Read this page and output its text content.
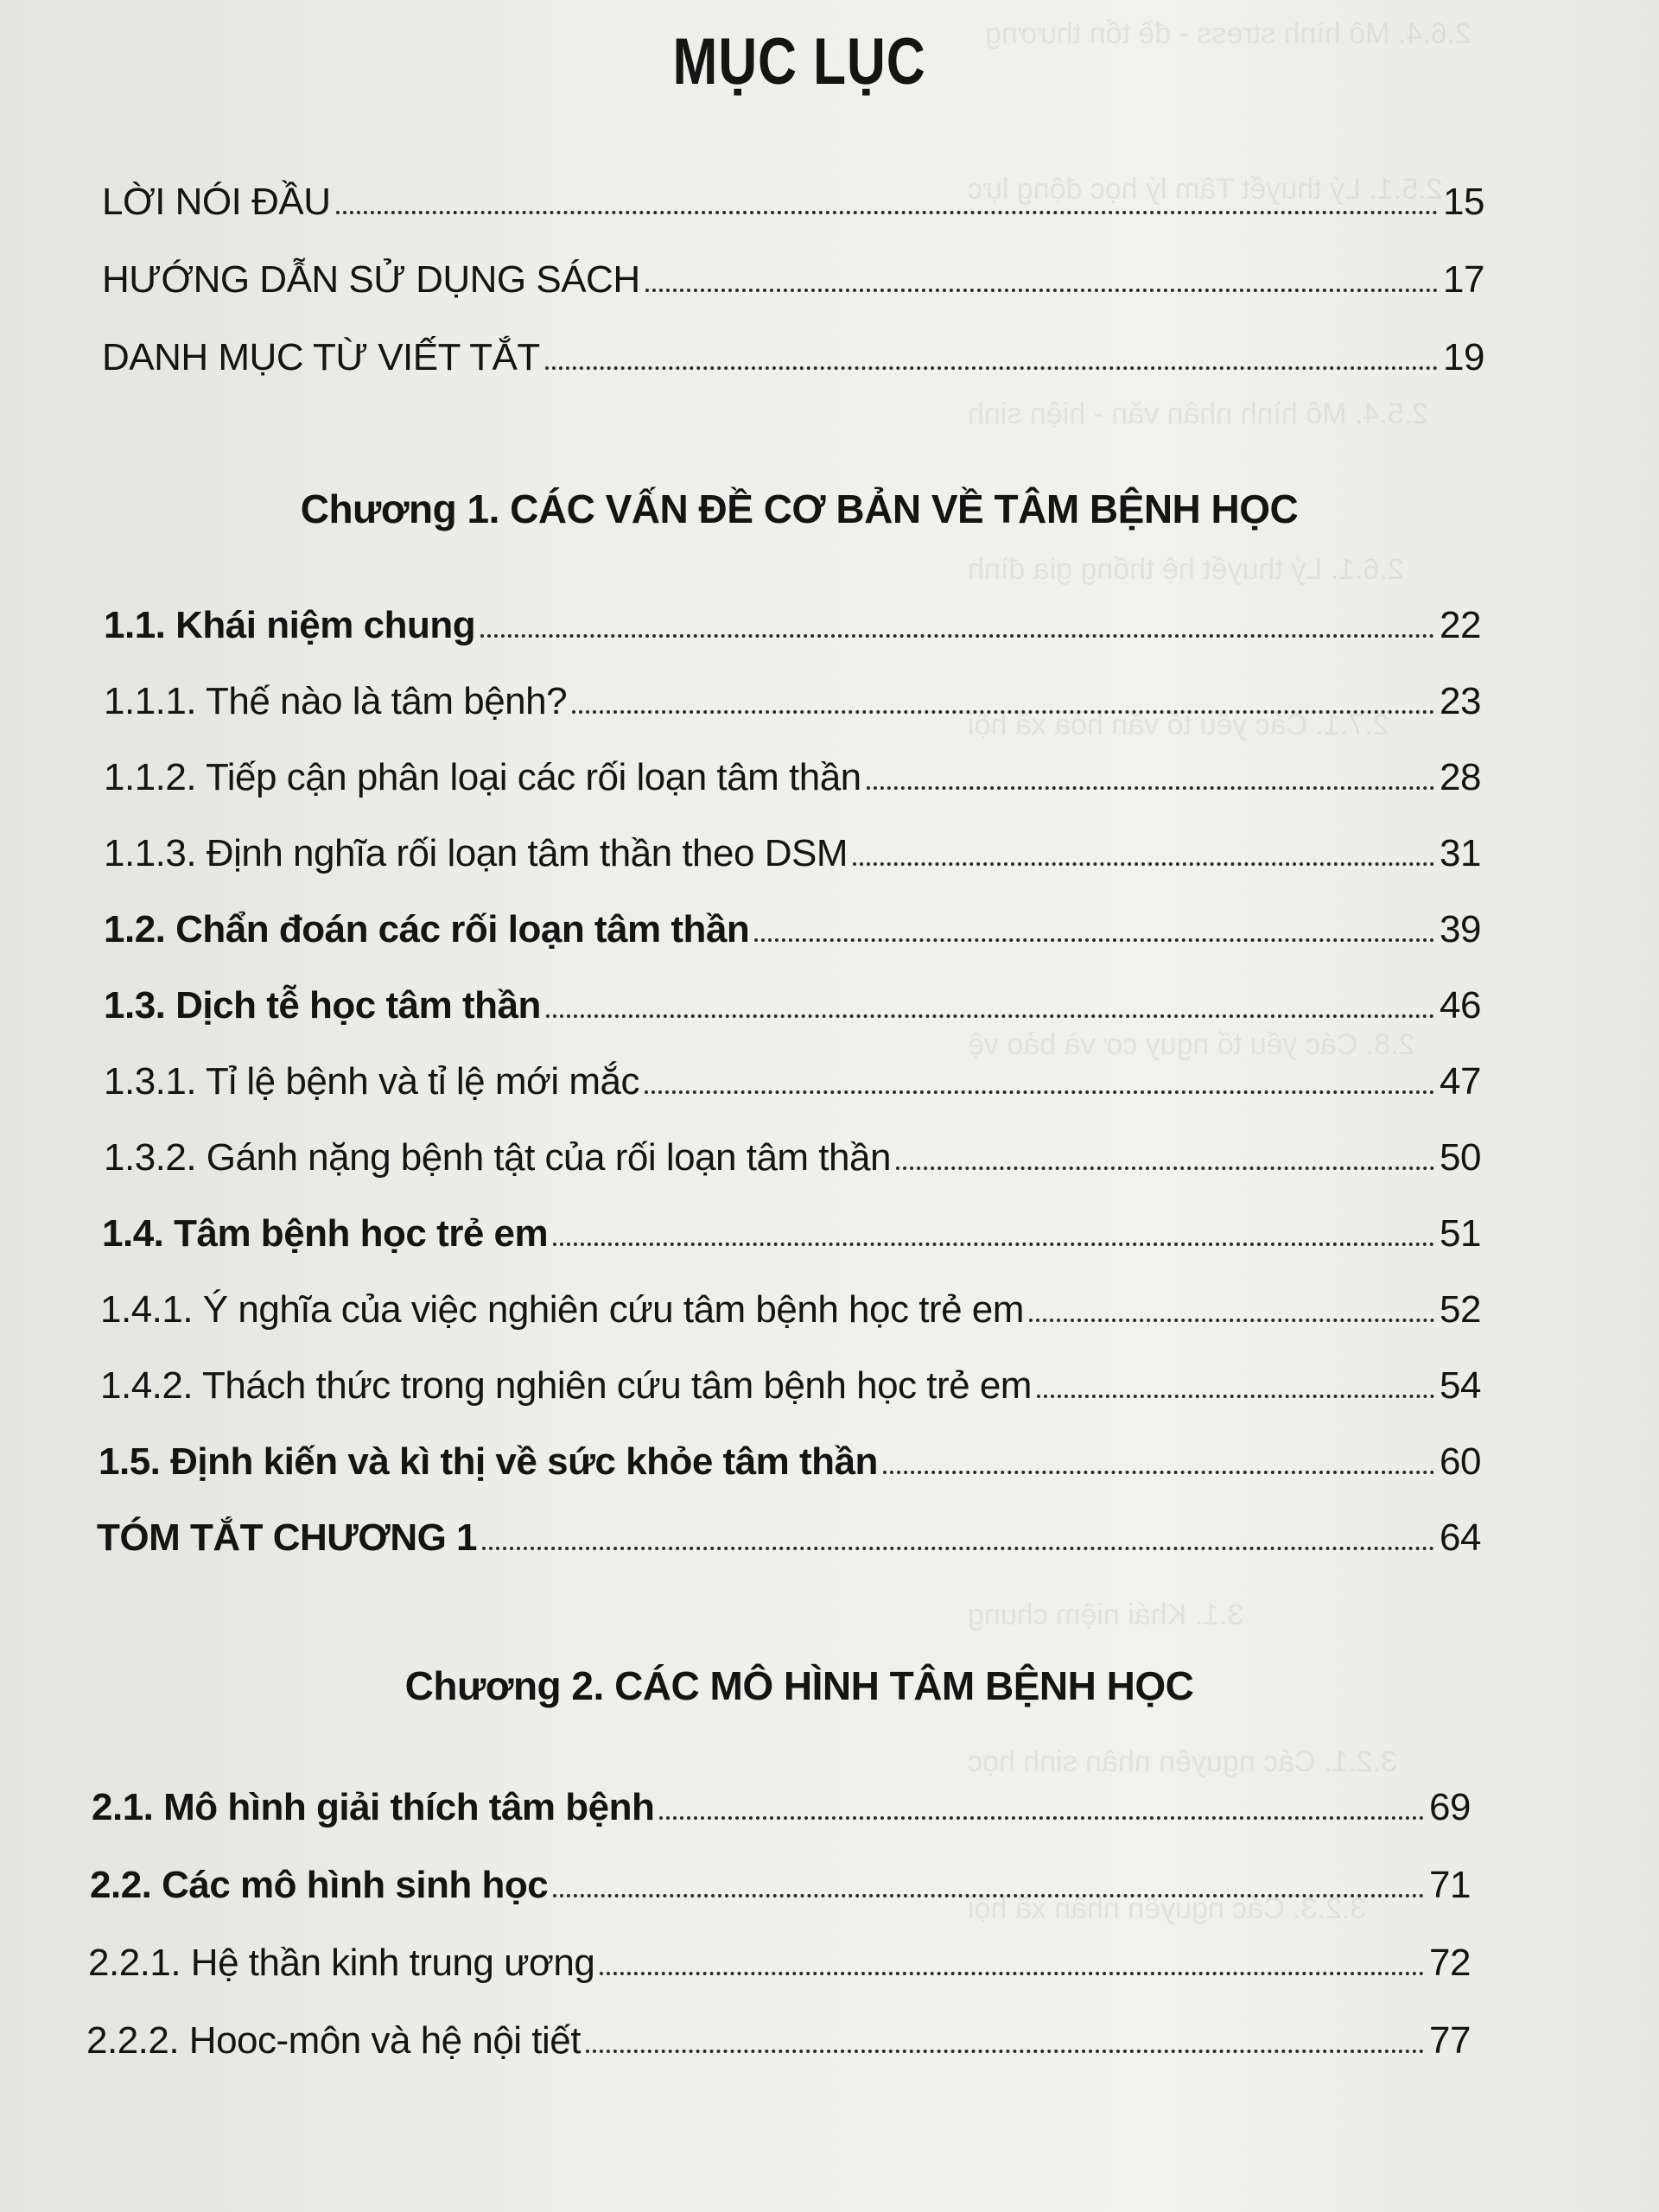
2.6.4. Mô hình stress - đề tổn thương
2.5.1. Lý thuyết Tâm lý học động lực
2.5.4. Mô hình nhân văn - hiện sinh
2.6.1. Lý thuyết hệ thống gia đình
2.7.1. Các yếu tố văn hóa xã hội
2.8. Các yếu tố nguy cơ và bảo vệ
3.1. Khái niệm chung
3.2.1. Các nguyên nhân sinh học
3.2.3. Các nguyên nhân xã hội
MỤC LỤC
LỜI NÓI ĐẦU	15
HƯỚNG DẪN SỬ DỤNG SÁCH	17
DANH MỤC TỪ VIẾT TẮT	19
Chương 1. CÁC VẤN ĐỀ CƠ BẢN VỀ TÂM BỆNH HỌC
1.1. Khái niệm chung	22
1.1.1. Thế nào là tâm bệnh?	23
1.1.2. Tiếp cận phân loại các rối loạn tâm thần	28
1.1.3. Định nghĩa rối loạn tâm thần theo DSM	31
1.2. Chẩn đoán các rối loạn tâm thần	39
1.3. Dịch tễ học tâm thần	46
1.3.1. Tỉ lệ bệnh và tỉ lệ mới mắc	47
1.3.2. Gánh nặng bệnh tật của rối loạn tâm thần	50
1.4. Tâm bệnh học trẻ em	51
1.4.1. Ý nghĩa của việc nghiên cứu tâm bệnh học trẻ em	52
1.4.2. Thách thức trong nghiên cứu tâm bệnh học trẻ em	54
1.5. Định kiến và kì thị về sức khỏe tâm thần	60
TÓM TẮT CHƯƠNG 1	64
Chương 2. CÁC MÔ HÌNH TÂM BỆNH HỌC
2.1. Mô hình giải thích tâm bệnh	69
2.2. Các mô hình sinh học	71
2.2.1. Hệ thần kinh trung ương	72
2.2.2. Hooc-môn và hệ nội tiết	77
